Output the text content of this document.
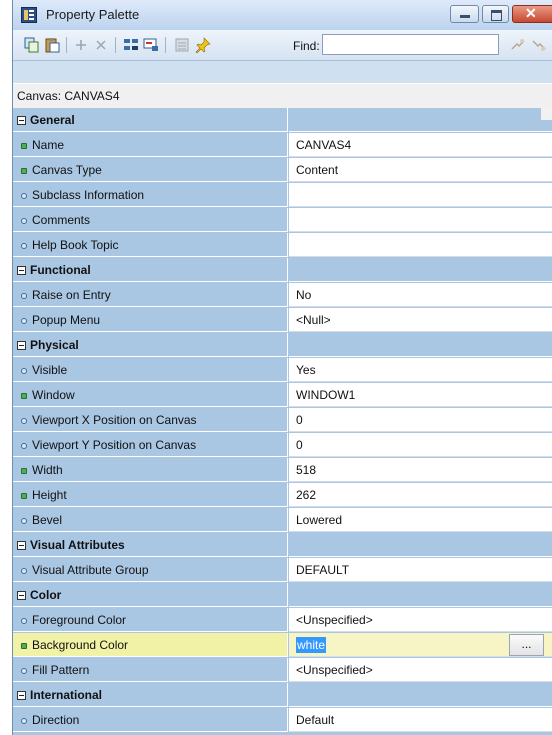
Property Palette	✕
Find:
Canvas: CANVAS4
General
Name	CANVAS4
Canvas Type	Content
Subclass Information
Comments
Help Book Topic
Functional
Raise on Entry	No
Popup Menu	<Null>
Physical
Visible	Yes
Window	WINDOW1
Viewport X Position on Canvas	0
Viewport Y Position on Canvas	0
Width	518
Height	262
Bevel	Lowered
Visual Attributes
Visual Attribute Group	DEFAULT
Color
Foreground Color	<Unspecified>
Background Color	white	...
Fill Pattern	<Unspecified>
International
Direction	Default
